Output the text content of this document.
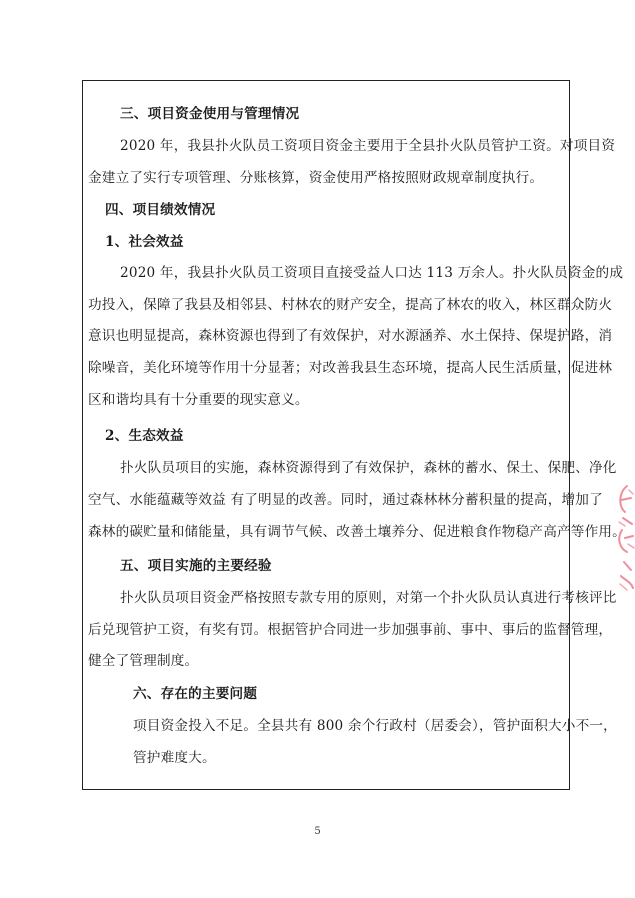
三、项目资金使用与管理情况
2020 年，我县扑火队员工资项目资金主要用于全县扑火队员管护工资。对项目资
金建立了实行专项管理、分账核算，资金使用严格按照财政规章制度执行。
四、项目绩效情况
1、社会效益
2020 年，我县扑火队员工资项目直接受益人口达 113 万余人。扑火队员资金的成
功投入，保障了我县及相邻县、村林农的财产安全，提高了林农的收入，林区群众防火
意识也明显提高，森林资源也得到了有效保护，对水源涵养、水土保持、保堤护路，消
除噪音，美化环境等作用十分显著；对改善我县生态环境，提高人民生活质量，促进林
区和谐均具有十分重要的现实意义。
2、生态效益
扑火队员项目的实施，森林资源得到了有效保护，森林的蓄水、保土、保肥、净化
空气、水能蕴藏等效益 有了明显的改善。同时，通过森林林分蓄积量的提高，增加了
森林的碳贮量和储能量，具有调节气候、改善土壤养分、促进粮食作物稳产高产等作用。
五、项目实施的主要经验
扑火队员项目资金严格按照专款专用的原则，对第一个扑火队员认真进行考核评比
后兑现管护工资，有奖有罚。根据管护合同进一步加强事前、事中、事后的监督管理，
健全了管理制度。
六、存在的主要问题
项目资金投入不足。全县共有 800 余个行政村（居委会），管护面积大小不一，
管护难度大。
5
